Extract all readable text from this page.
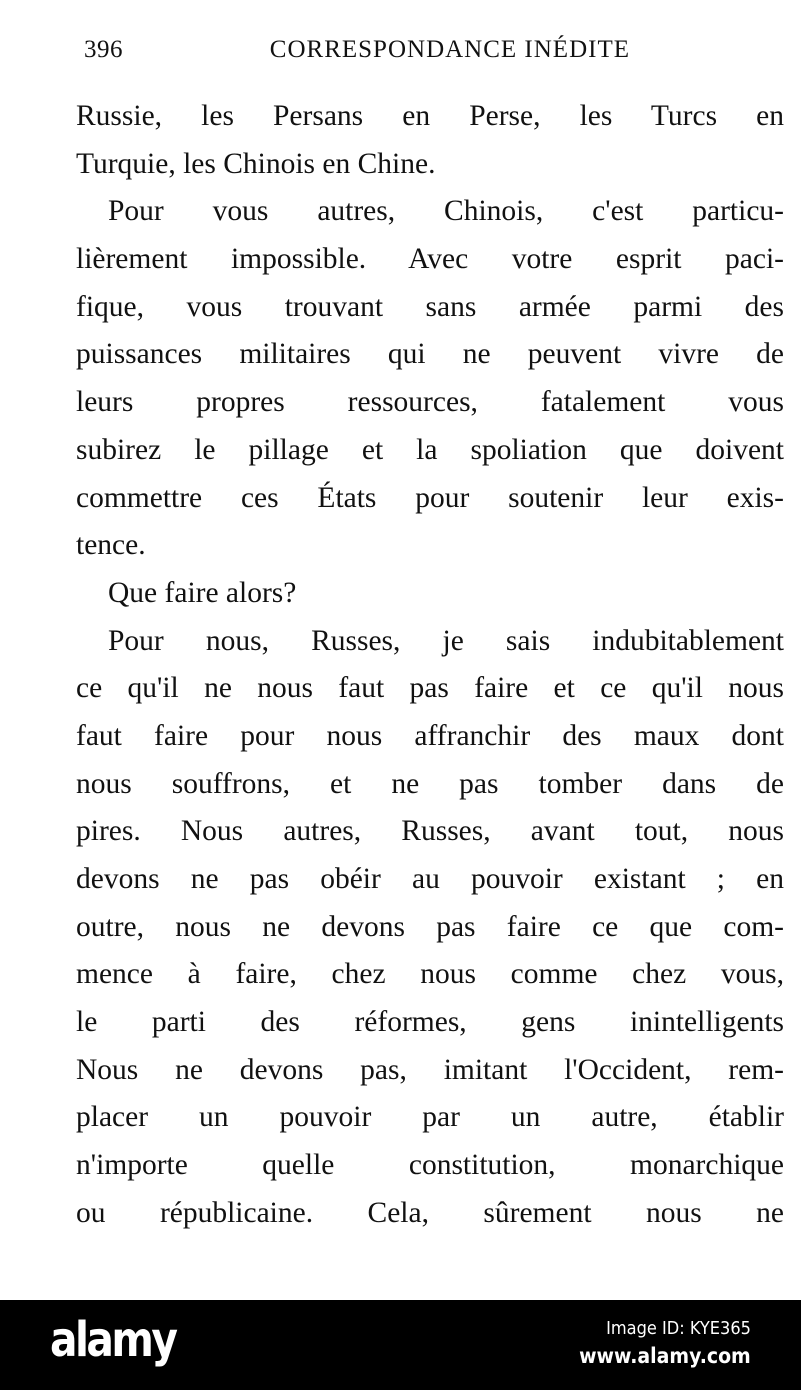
396	CORRESPONDANCE INÉDITE
Russie, les Persans en Perse, les Turcs en
Turquie, les Chinois en Chine.
Pour vous autres, Chinois, c'est particu-
lièrement impossible. Avec votre esprit paci-
fique, vous trouvant sans armée parmi des
puissances militaires qui ne peuvent vivre de
leurs propres ressources, fatalement vous
subirez le pillage et la spoliation que doivent
commettre ces États pour soutenir leur exis-
tence.
Que faire alors?
Pour nous, Russes, je sais indubitablement
ce qu'il ne nous faut pas faire et ce qu'il nous
faut faire pour nous affranchir des maux dont
nous souffrons, et ne pas tomber dans de
pires. Nous autres, Russes, avant tout, nous
devons ne pas obéir au pouvoir existant ; en
outre, nous ne devons pas faire ce que com-
mence à faire, chez nous comme chez vous,
le parti des réformes, gens inintelligents
Nous ne devons pas, imitant l'Occident, rem-
placer un pouvoir par un autre, établir
n'importe quelle constitution, monarchique
ou républicaine. Cela, sûrement nous ne
alamy	Image ID: KYE365
www.alamy.com
